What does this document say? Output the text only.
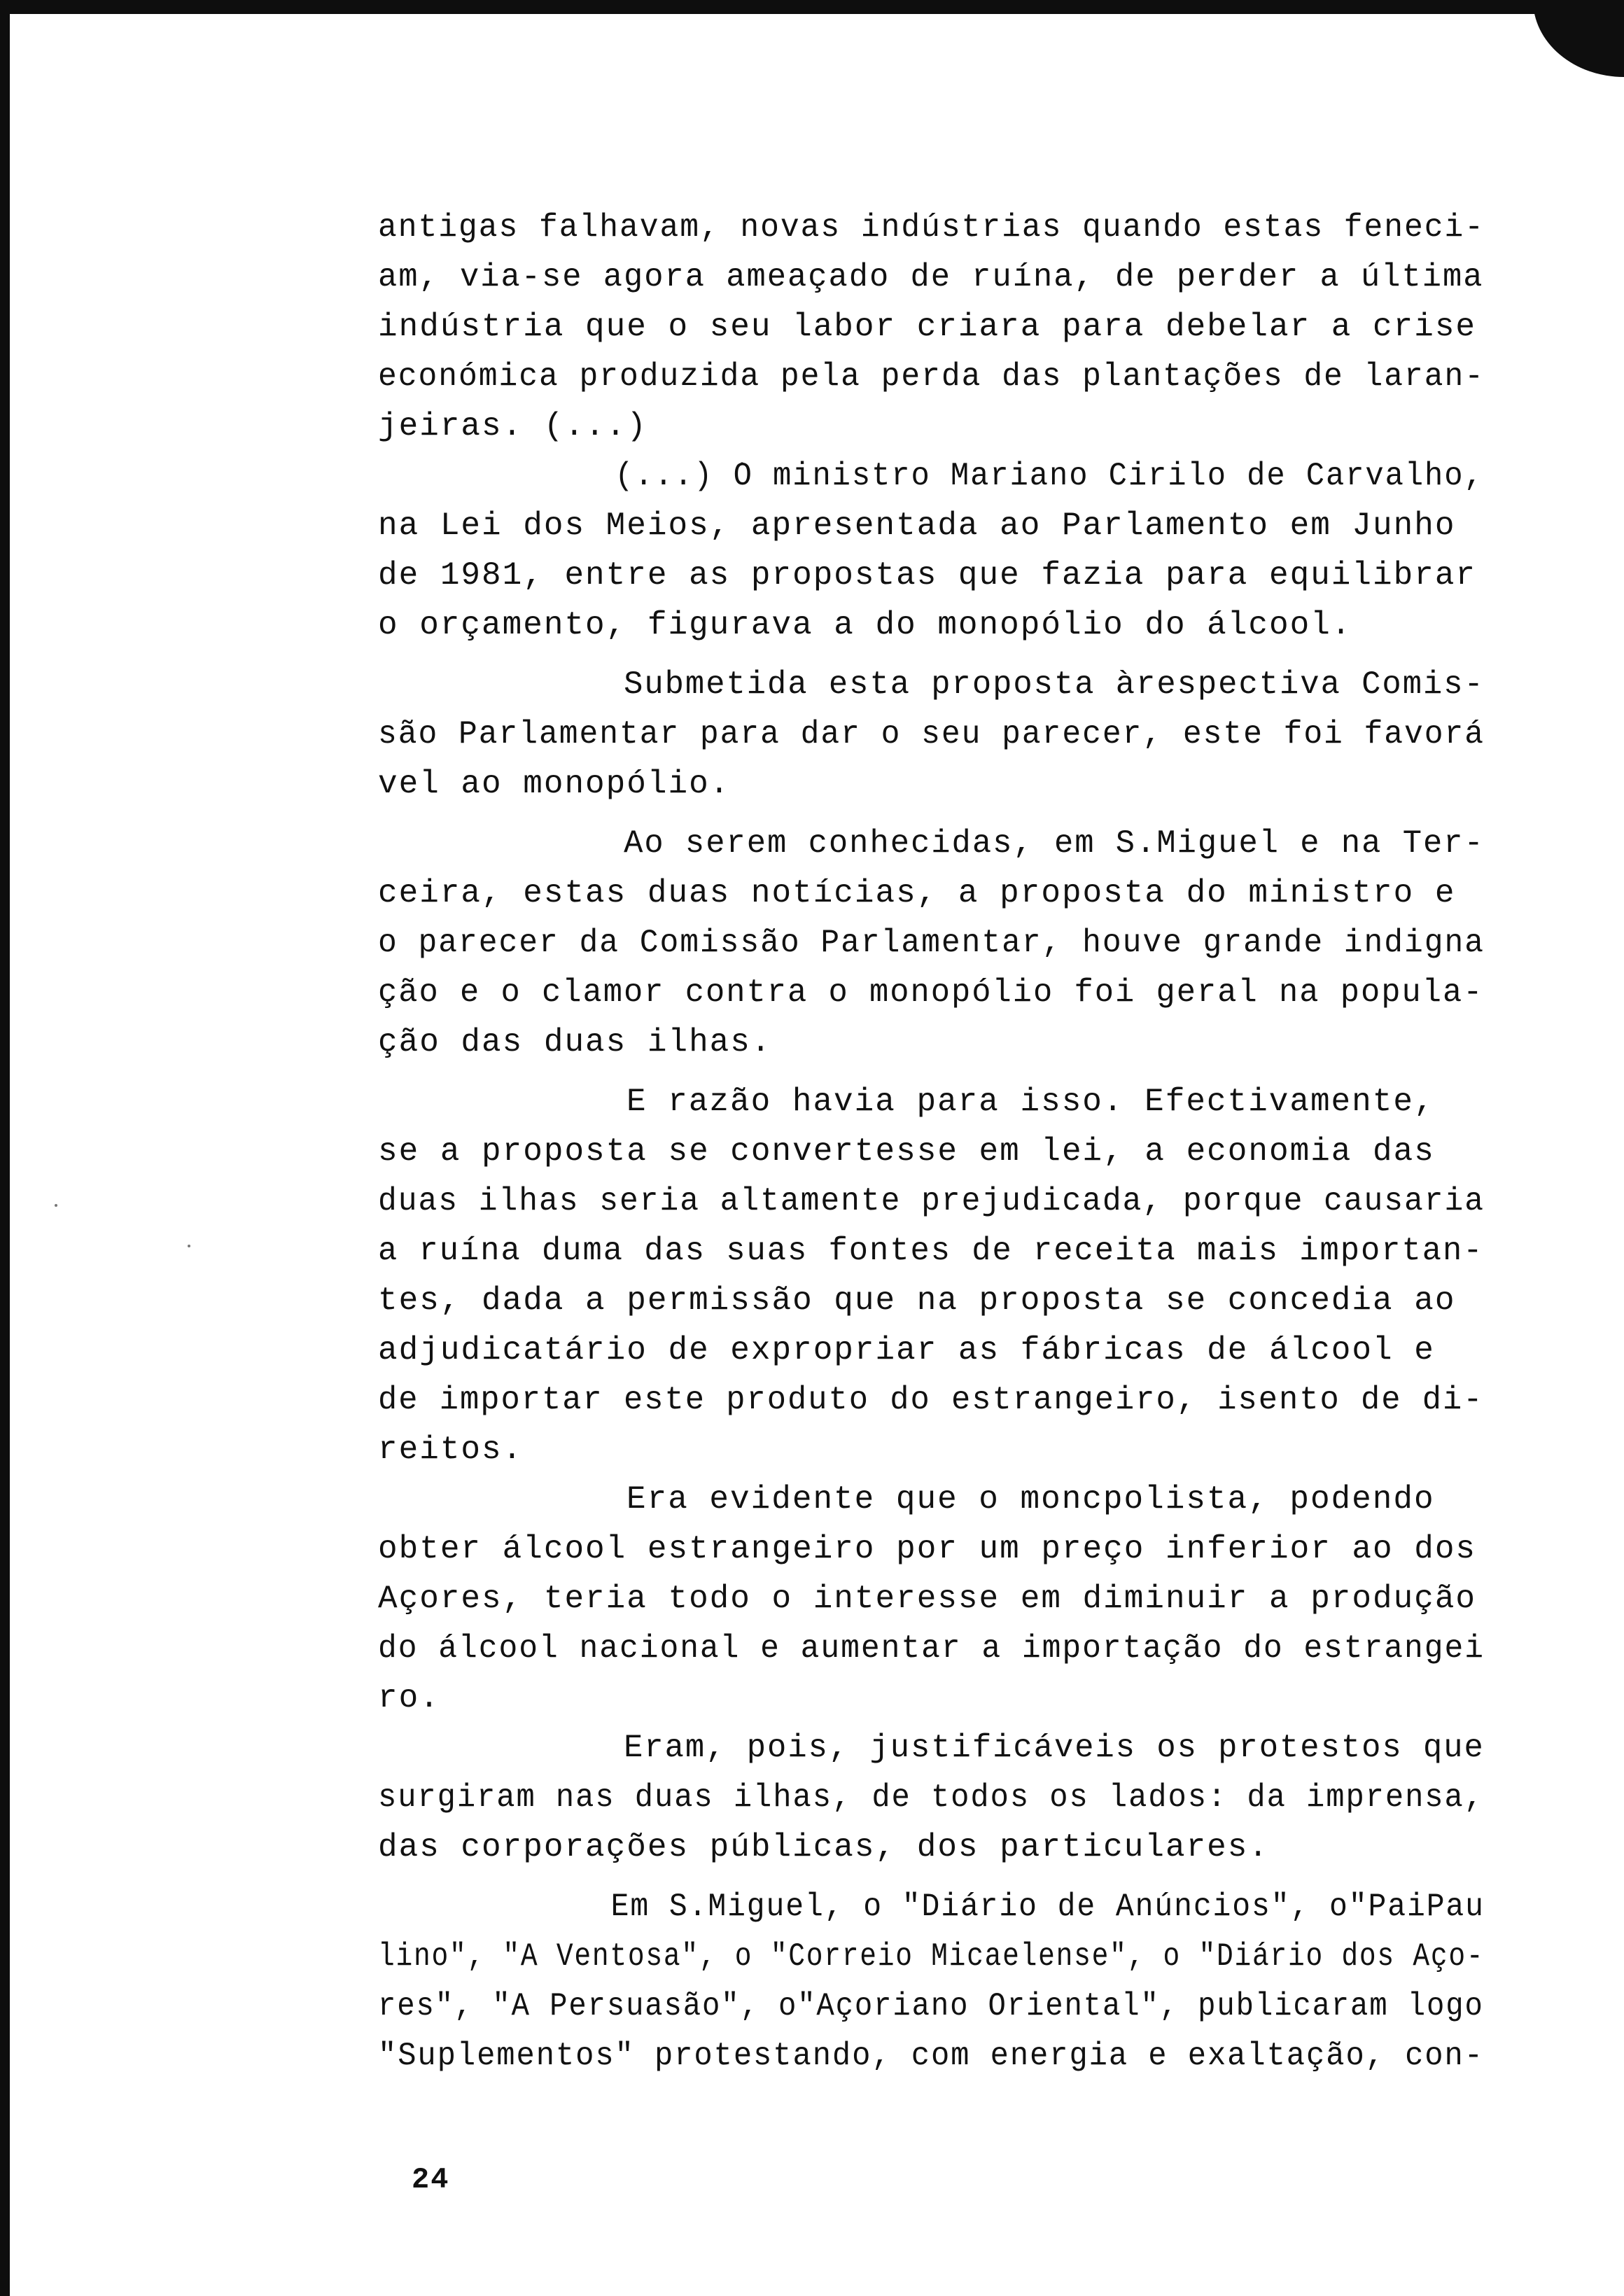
antigas falhavam, novas indústrias quando estas feneci-
am, via-se agora ameaçado de ruína, de perder a última
indústria que o seu labor criara para debelar a crise
económica produzida pela perda das plantações de laran-
jeiras. (...)
(...) O ministro Mariano Cirilo de Carvalho,
na Lei dos Meios, apresentada ao Parlamento em Junho
de 1981, entre as propostas que fazia para equilibrar
o orçamento, figurava a do monopólio do álcool.
Submetida esta proposta àrespectiva Comis-
são Parlamentar para dar o seu parecer, este foi favorá
vel ao monopólio.
Ao serem conhecidas, em S.Miguel e na Ter-
ceira, estas duas notícias, a proposta do ministro e
o parecer da Comissão Parlamentar, houve grande indigna
ção e o clamor contra o monopólio foi geral na popula-
ção das duas ilhas.
E razão havia para isso. Efectivamente,
se a proposta se convertesse em lei, a economia das
duas ilhas seria altamente prejudicada, porque causaria
a ruína duma das suas fontes de receita mais importan-
tes, dada a permissão que na proposta se concedia ao
adjudicatário de expropriar as fábricas de álcool e
de importar este produto do estrangeiro, isento de di-
reitos.
Era evidente que o moncpolista, podendo
obter álcool estrangeiro por um preço inferior ao dos
Açores, teria todo o interesse em diminuir a produção
do álcool nacional e aumentar a importação do estrangei
ro.
Eram, pois, justificáveis os protestos que
surgiram nas duas ilhas, de todos os lados: da imprensa,
das corporações públicas, dos particulares.
Em S.Miguel, o "Diário de Anúncios", o"PaiPau
lino", "A Ventosa", o "Correio Micaelense", o "Diário dos Aço-
res", "A Persuasão", o"Açoriano Oriental", publicaram logo
"Suplementos" protestando, com energia e exaltação, con-
24
